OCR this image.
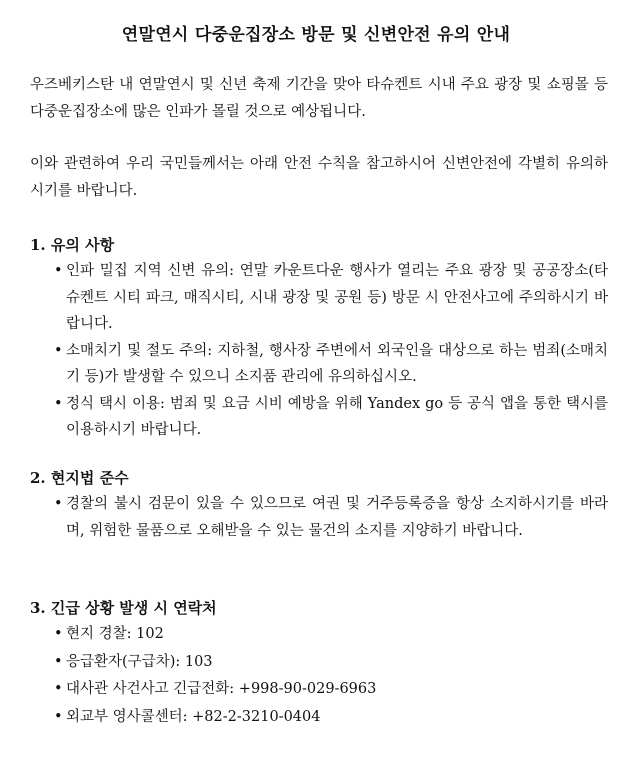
연말연시 다중운집장소 방문 및 신변안전 유의 안내
우즈베키스탄 내 연말연시 및 신년 축제 기간을 맞아 타슈켄트 시내 주요 광장 및 쇼핑몰 등 다중운집장소에 많은 인파가 몰릴 것으로 예상됩니다.
이와 관련하여 우리 국민들께서는 아래 안전 수칙을 참고하시어 신변안전에 각별히 유의하시기를 바랍니다.
1. 유의 사항
• 인파 밀집 지역 신변 유의: 연말 카운트다운 행사가 열리는 주요 광장 및 공공장소(타슈켄트 시티 파크, 매직시티, 시내 광장 및 공원 등) 방문 시 안전사고에 주의하시기 바랍니다.
• 소매치기 및 절도 주의: 지하철, 행사장 주변에서 외국인을 대상으로 하는 범죄(소매치기 등)가 발생할 수 있으니 소지품 관리에 유의하십시오.
• 정식 택시 이용: 범죄 및 요금 시비 예방을 위해 Yandex go 등 공식 앱을 통한 택시를 이용하시기 바랍니다.
2. 현지법 준수
• 경찰의 불시 검문이 있을 수 있으므로 여권 및 거주등록증을 항상 소지하시기를 바라며, 위험한 물품으로 오해받을 수 있는 물건의 소지를 지양하기 바랍니다.
3. 긴급 상황 발생 시 연락처
• 현지 경찰: 102
• 응급환자(구급차): 103
• 대사관 사건사고 긴급전화: +998-90-029-6963
• 외교부 영사콜센터: +82-2-3210-0404
